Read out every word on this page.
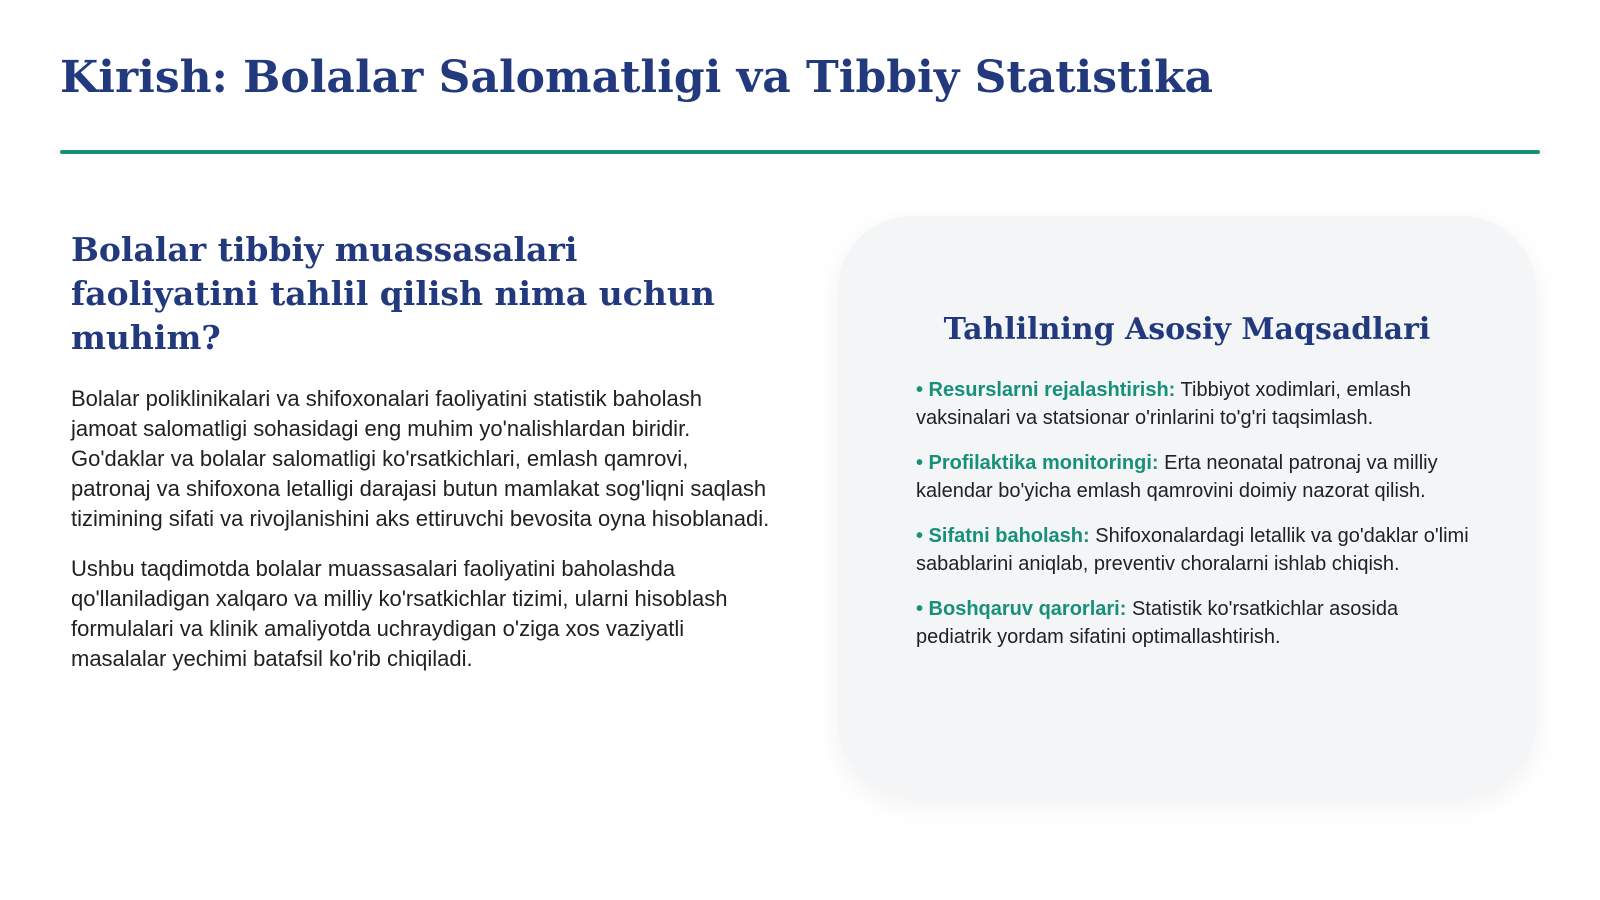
Kirish: Bolalar Salomatligi va Tibbiy Statistika
Bolalar tibbiy muassasalari faoliyatini tahlil qilish nima uchun muhim?

Bolalar poliklinikalari va shifoxonalari faoliyatini statistik baholash jamoat salomatligi sohasidagi eng muhim yo'nalishlardan biridir. Go'daklar va bolalar salomatligi ko'rsatkichlari, emlash qamrovi, patronaj va shifoxona letalligi darajasi butun mamlakat sog'liqni saqlash tizimining sifati va rivojlanishini aks ettiruvchi bevosita oyna hisoblanadi.

Ushbu taqdimotda bolalar muassasalari faoliyatini baholashda qo'llaniladigan xalqaro va milliy ko'rsatkichlar tizimi, ularni hisoblash formulalari va klinik amaliyotda uchraydigan o'ziga xos vaziyatli masalalar yechimi batafsil ko'rib chiqiladi.

Tahlilning Asosiy Maqsadlari

• Resurslarni rejalashtirish: Tibbiyot xodimlari, emlash vaksinalari va statsionar o'rinlarini to'g'ri taqsimlash.

• Profilaktika monitoringi: Erta neonatal patronaj va milliy kalendar bo'yicha emlash qamrovini doimiy nazorat qilish.

• Sifatni baholash: Shifoxonalardagi letallik va go'daklar o'limi sabablarini aniqlab, preventiv choralarni ishlab chiqish.

• Boshqaruv qarorlari: Statistik ko'rsatkichlar asosida pediatrik yordam sifatini optimallashtirish.
